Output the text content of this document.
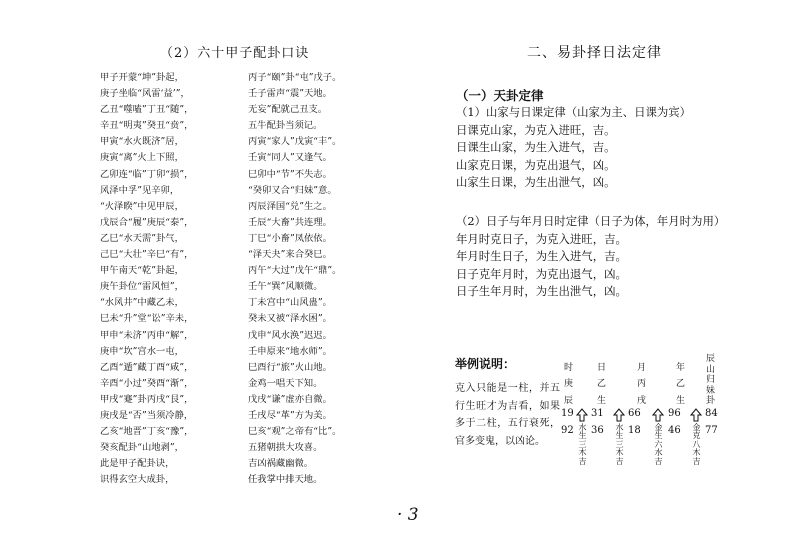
（2）六十甲子配卦口诀
甲子开蒙“坤”卦起，
庚子坐临“风雷‘益’”，
乙丑“噬嗑”丁丑“随”，
辛丑“明夷”癸丑“贲”，
甲寅“水火既济”居，
庚寅“离”火上下照，
乙卯连“临”丁卯“损”，
风泽中孚”见辛卯，
“火泽睽”中见甲辰，
戊辰合“履”庚辰“泰”，
乙巳“水天需”卦气，
己巳“大壮”辛巳“有”，
甲午南天“乾”卦起，
庚午卦位“雷风恒”，
“水风井”中藏乙未，
巳未“升”堂“讼”辛未，
甲申“未济”丙申“解”，
庚申“坎”宫水一屯，
乙酉“遁”藏丁酉“咸”，
辛酉“小过”癸酉“渐”，
甲戌“蹇”卦丙戌“艮”，
庚戌是“否”当须冷静，
乙亥“地晋”丁亥“豫”，
癸亥配卦“山地剥”，
此是甲子配卦诀，
识得玄空大成卦，
丙子“颐”卦“屯”戊子。
壬子雷声“震”天地。
无妄”配就己丑支。
五牛配卦当须记。
丙寅“家人”戊寅“丰”。
壬寅“同人”又逢气。
巳卯中“节”不失志。
“癸卯又合“归妹”意。
丙辰泽国“兑”生之。
壬辰“大畜”共连理。
丁巳“小畜”凤依依。
“泽天夬”来合癸巳。
丙午“大过”戊午“鼎”。
壬午“巽”风顺微。
丁未宫中“山风蛊”。
癸未又被“泽水困”。
戊申“风水涣”迟迟。
壬申原来“地水师”。
巳酉行“旅”火山地。
金鸡一唱天下知。
戊戌“谦”虚亦自微。
壬戌尽“革”方为美。
巳亥“观”之帝有“比”。
五猪朝拱大攻喜。
吉凶祸藏幽微。
任我掌中排天地。
二、易卦择日法定律
（一）天卦定律
（1）山家与日课定律（山家为主、日课为宾）
日课克山家，为克入进旺，吉。
日课生山家，为生入进气，吉。
山家克日课，为克出退气，凶。
山家生日课，为生出泄气，凶。
（2）日子与年月日时定律（日子为体，年月时为用）
年月时克日子，为克入进旺，吉。
年月时生日子，为生入进气，吉。
日子克年月时，为克出退气，凶。
日子生年月时，为生出泄气，凶。
举例说明：
克入只能是一柱，并五行生旺才为吉看，如果多于二柱，五行衰死，官多变鬼，以凶论。
时
庚
辰
日
乙
生
月
丙
戌
年
乙
生
19 31 66	96 84
92 36 18	46 77
水生三木吉
水生三木吉
金生六水吉
金克八木吉
辰山归妹卦
· 3
